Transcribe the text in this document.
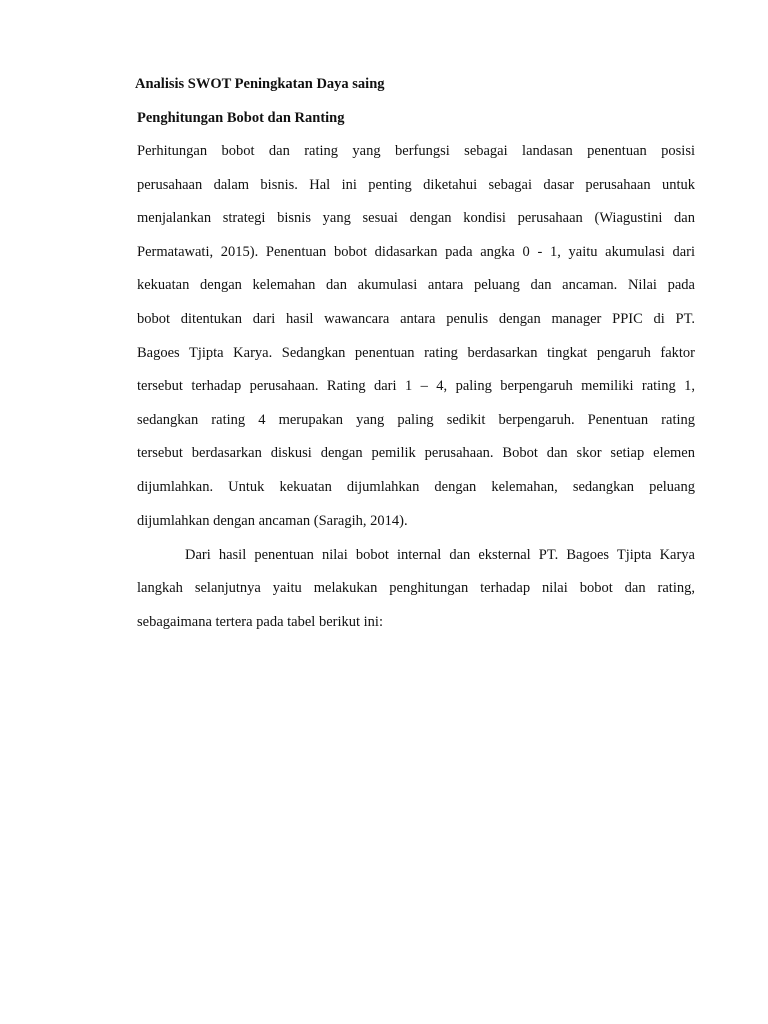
Analisis SWOT Peningkatan Daya saing
Penghitungan Bobot dan Ranting
Perhitungan bobot dan rating yang berfungsi sebagai landasan penentuan posisi
perusahaan dalam bisnis. Hal ini penting diketahui sebagai dasar perusahaan untuk
menjalankan strategi bisnis yang sesuai dengan kondisi perusahaan (Wiagustini dan
Permatawati, 2015). Penentuan bobot didasarkan pada angka 0 - 1, yaitu akumulasi dari
kekuatan dengan kelemahan dan akumulasi antara peluang dan ancaman. Nilai pada
bobot ditentukan dari hasil wawancara antara penulis dengan manager PPIC di PT.
Bagoes Tjipta Karya. Sedangkan penentuan rating berdasarkan tingkat pengaruh faktor
tersebut terhadap perusahaan. Rating dari 1 – 4, paling berpengaruh memiliki rating 1,
sedangkan rating 4 merupakan yang paling sedikit berpengaruh. Penentuan rating
tersebut berdasarkan diskusi dengan pemilik perusahaan. Bobot dan skor setiap elemen
dijumlahkan. Untuk kekuatan dijumlahkan dengan kelemahan, sedangkan peluang
dijumlahkan dengan ancaman (Saragih, 2014).
Dari hasil penentuan nilai bobot internal dan eksternal PT. Bagoes Tjipta Karya
langkah selanjutnya yaitu melakukan penghitungan terhadap nilai bobot dan rating,
sebagaimana tertera pada tabel berikut ini:
